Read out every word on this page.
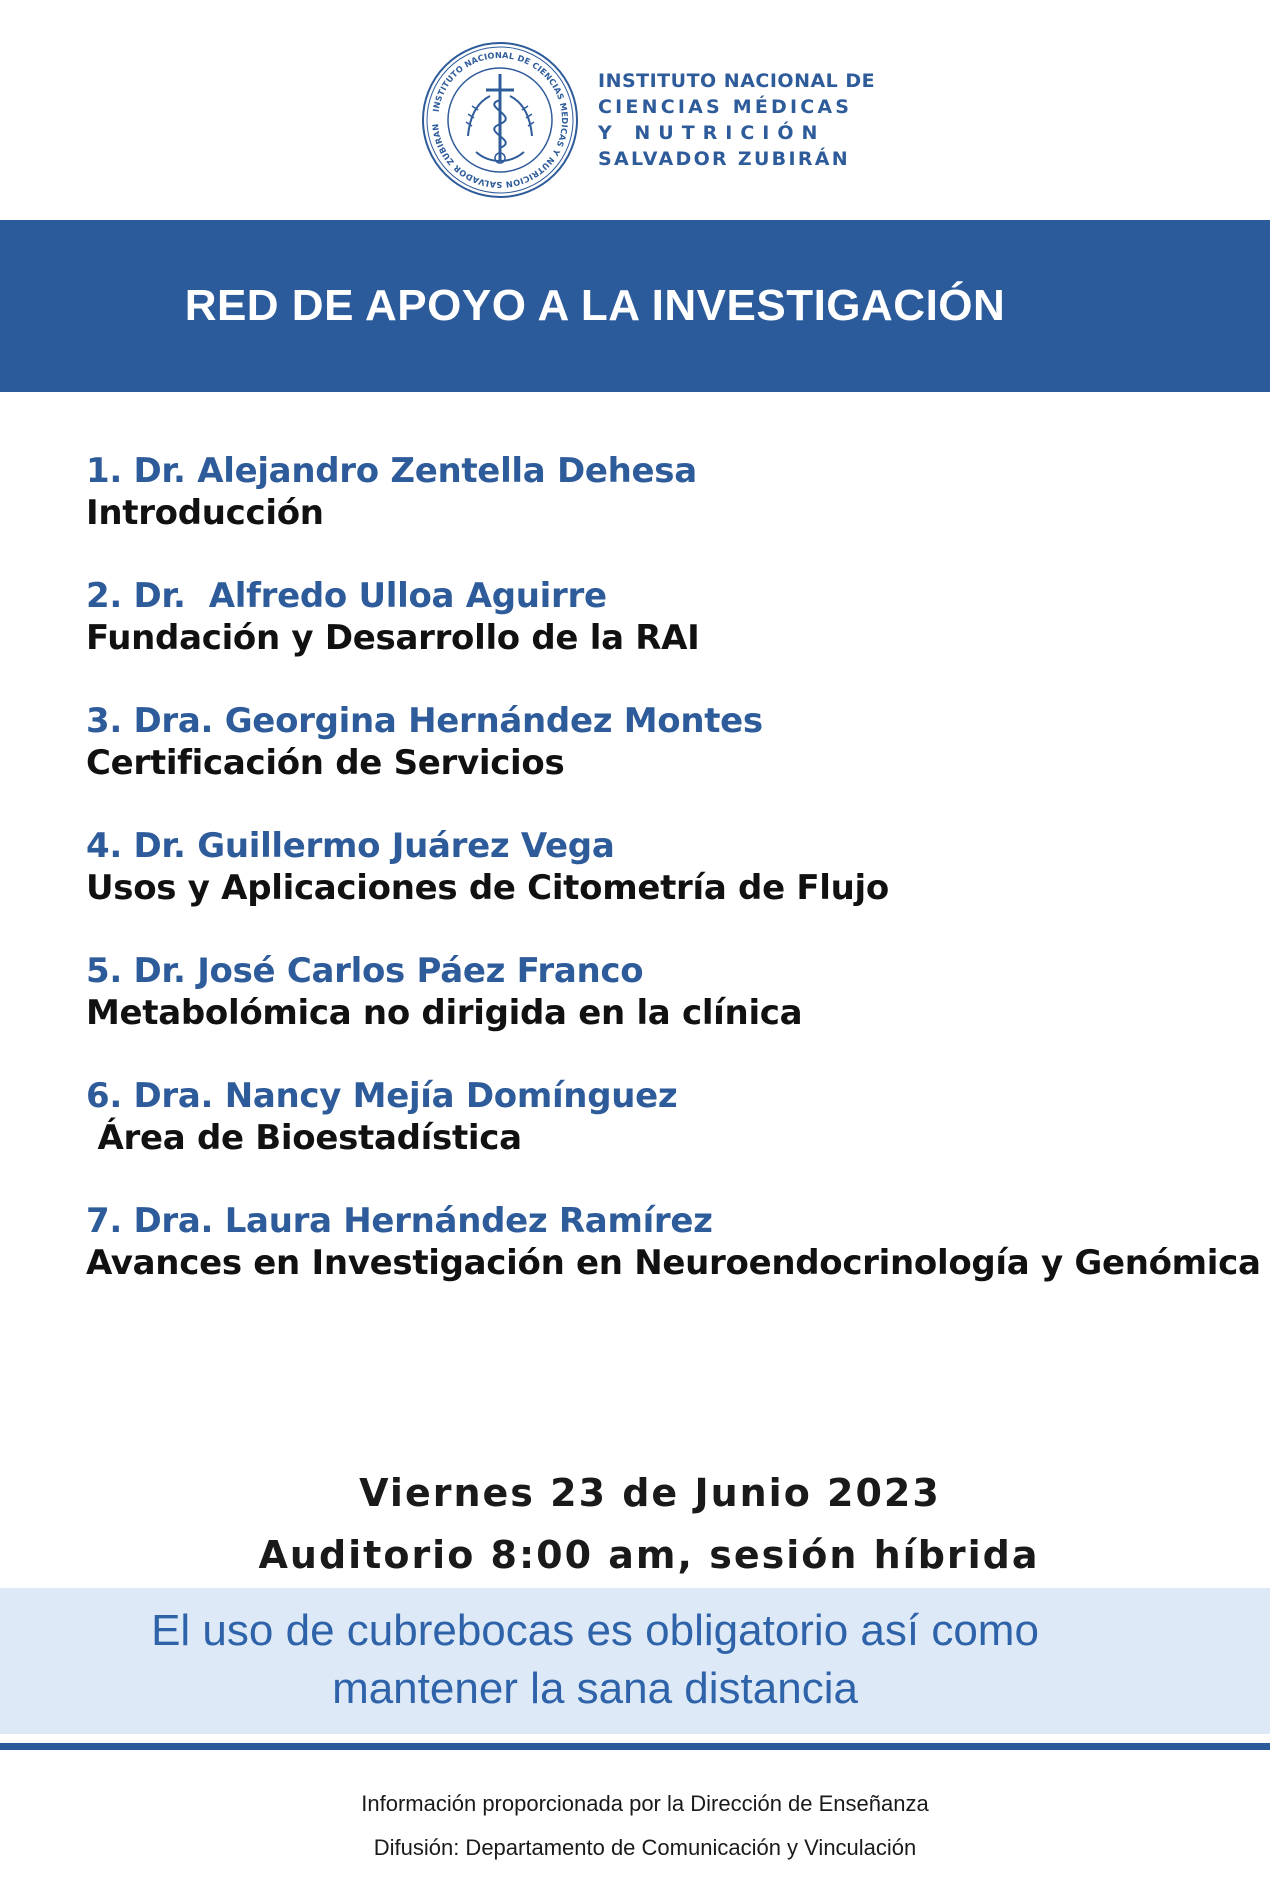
INSTITUTO NACIONAL DE CIENCIAS MEDICAS Y NUTRICION SALVADOR ZUBIRAN
INSTITUTO NACIONAL DE
CIENCIAS MÉDICAS
Y NUTRICIÓN
SALVADOR ZUBIRÁN
RED DE APOYO A LA INVESTIGACIÓN
1. Dr. Alejandro Zentella Dehesa
Introducción
2. Dr.  Alfredo Ulloa Aguirre
Fundación y Desarrollo de la RAI
3. Dra. Georgina Hernández Montes
Certificación de Servicios
4. Dr. Guillermo Juárez Vega
Usos y Aplicaciones de Citometría de Flujo
5. Dr. José Carlos Páez Franco
Metabolómica no dirigida en la clínica
6. Dra. Nancy Mejía Domínguez
Área de Bioestadística
7. Dra. Laura Hernández Ramírez
Avances en Investigación en Neuroendocrinología y Genómica
Viernes 23 de Junio 2023
Auditorio 8:00 am, sesión híbrida
El uso de cubrebocas es obligatorio así como
mantener la sana distancia
Información proporcionada por la Dirección de Enseñanza
Difusión: Departamento de Comunicación y Vinculación
